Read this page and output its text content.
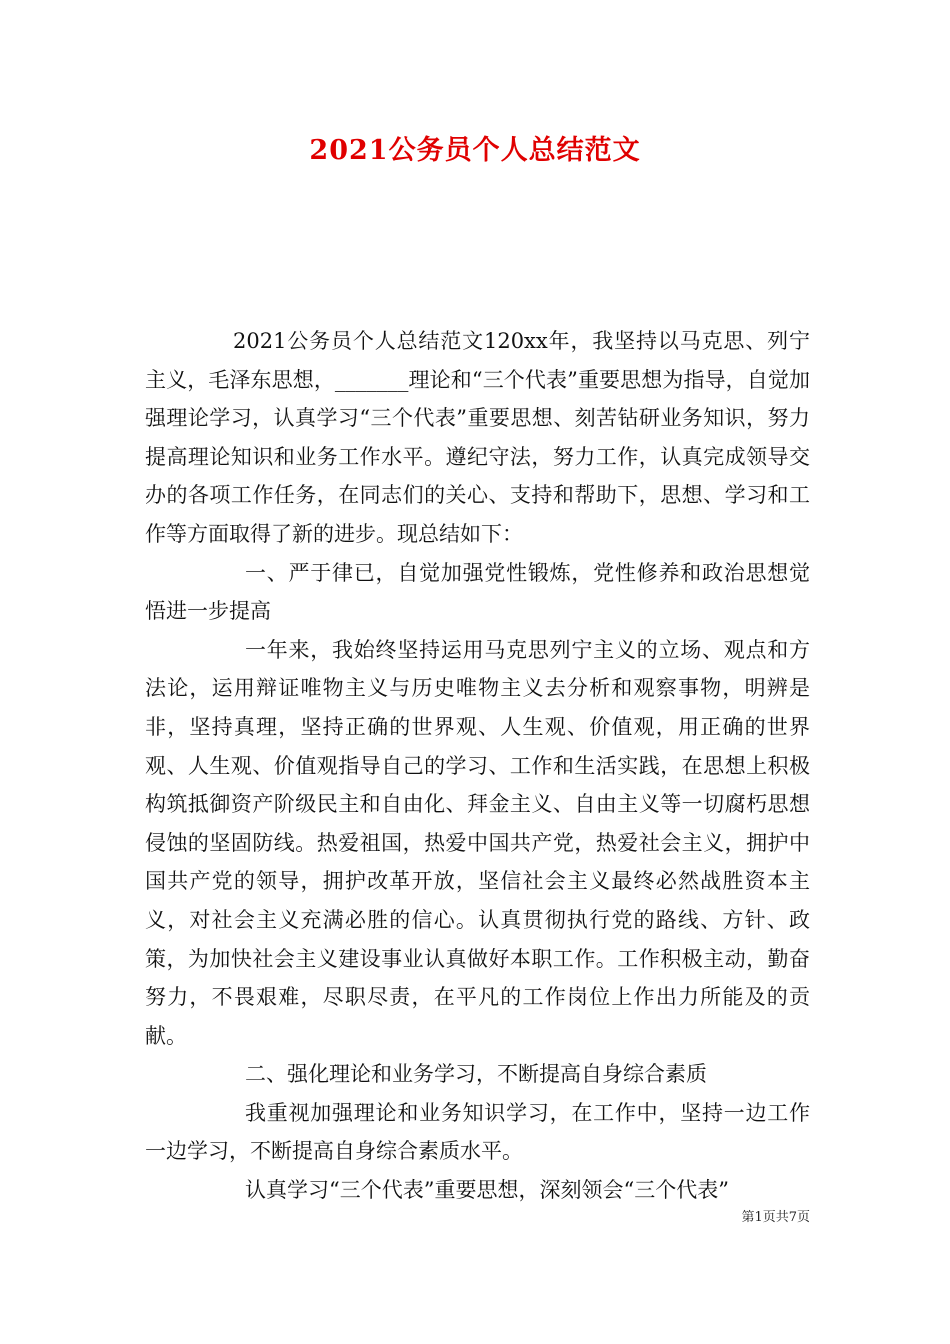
2021公务员个人总结范文

2021公务员个人总结范文120xx年，我坚持以马克思、列宁主义，毛泽东思想，_______理论和“三个代表”重要思想为指导，自觉加强理论学习，认真学习“三个代表”重要思想、刻苦钻研业务知识，努力提高理论知识和业务工作水平。遵纪守法，努力工作，认真完成领导交办的各项工作任务，在同志们的关心、支持和帮助下，思想、学习和工作等方面取得了新的进步。现总结如下：

一、严于律已，自觉加强党性锻炼，党性修养和政治思想觉悟进一步提高

一年来，我始终坚持运用马克思列宁主义的立场、观点和方法论，运用辩证唯物主义与历史唯物主义去分析和观察事物，明辨是非，坚持真理，坚持正确的世界观、人生观、价值观，用正确的世界观、人生观、价值观指导自己的学习、工作和生活实践，在思想上积极构筑抵御资产阶级民主和自由化、拜金主义、自由主义等一切腐朽思想侵蚀的坚固防线。热爱祖国，热爱中国共产党，热爱社会主义，拥护中国共产党的领导，拥护改革开放，坚信社会主义最终必然战胜资本主义，对社会主义充满必胜的信心。认真贯彻执行党的路线、方针、政策，为加快社会主义建设事业认真做好本职工作。工作积极主动，勤奋努力，不畏艰难，尽职尽责，在平凡的工作岗位上作出力所能及的贡献。

二、强化理论和业务学习，不断提高自身综合素质

我重视加强理论和业务知识学习，在工作中，坚持一边工作一边学习，不断提高自身综合素质水平。

认真学习“三个代表”重要思想，深刻领会“三个代表”

第1页共7页
